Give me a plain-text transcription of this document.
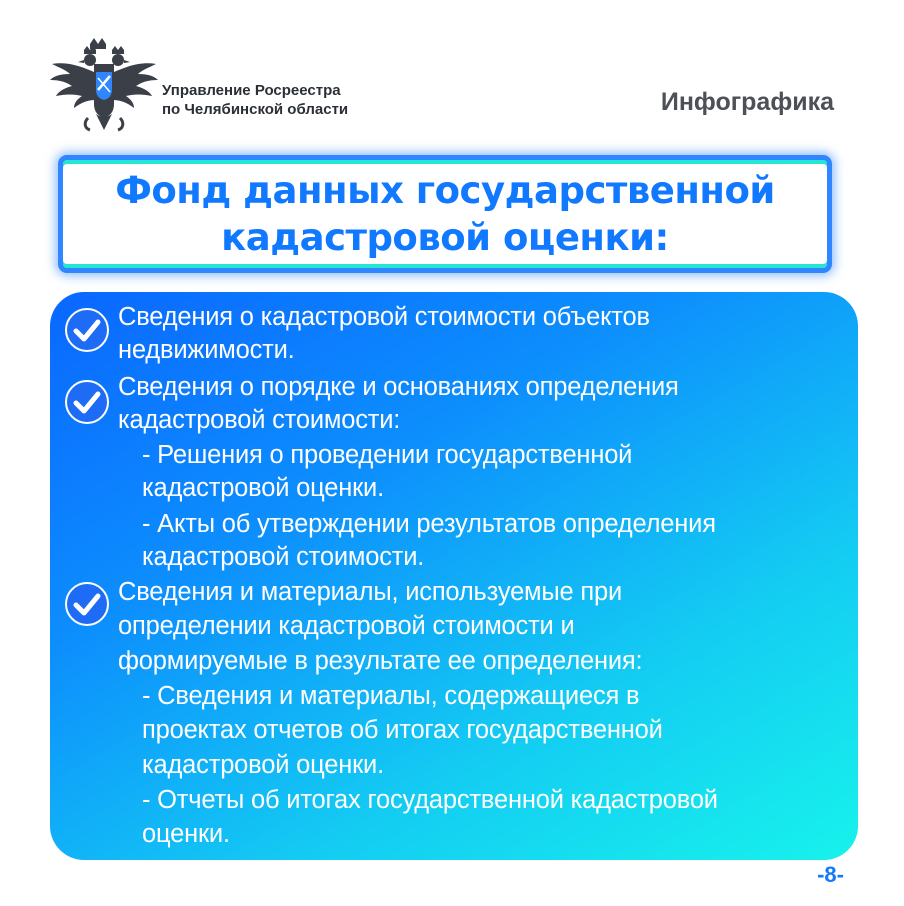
Управление Росреестра
по Челябинской области	Инфографика
Фонд данных государственной
кадастровой оценки:
Сведения о кадастровой стоимости объектов
недвижимости.
Сведения о порядке и основаниях определения
кадастровой стоимости:
- Решения о проведении государственной
кадастровой оценки.
- Акты об утверждении результатов определения
кадастровой стоимости.
Сведения и материалы, используемые при
определении кадастровой стоимости и
формируемые в результате ее определения:
- Сведения и материалы, содержащиеся в
проектах отчетов об итогах государственной
кадастровой оценки.
- Отчеты об итогах государственной кадастровой
оценки.
-8-
